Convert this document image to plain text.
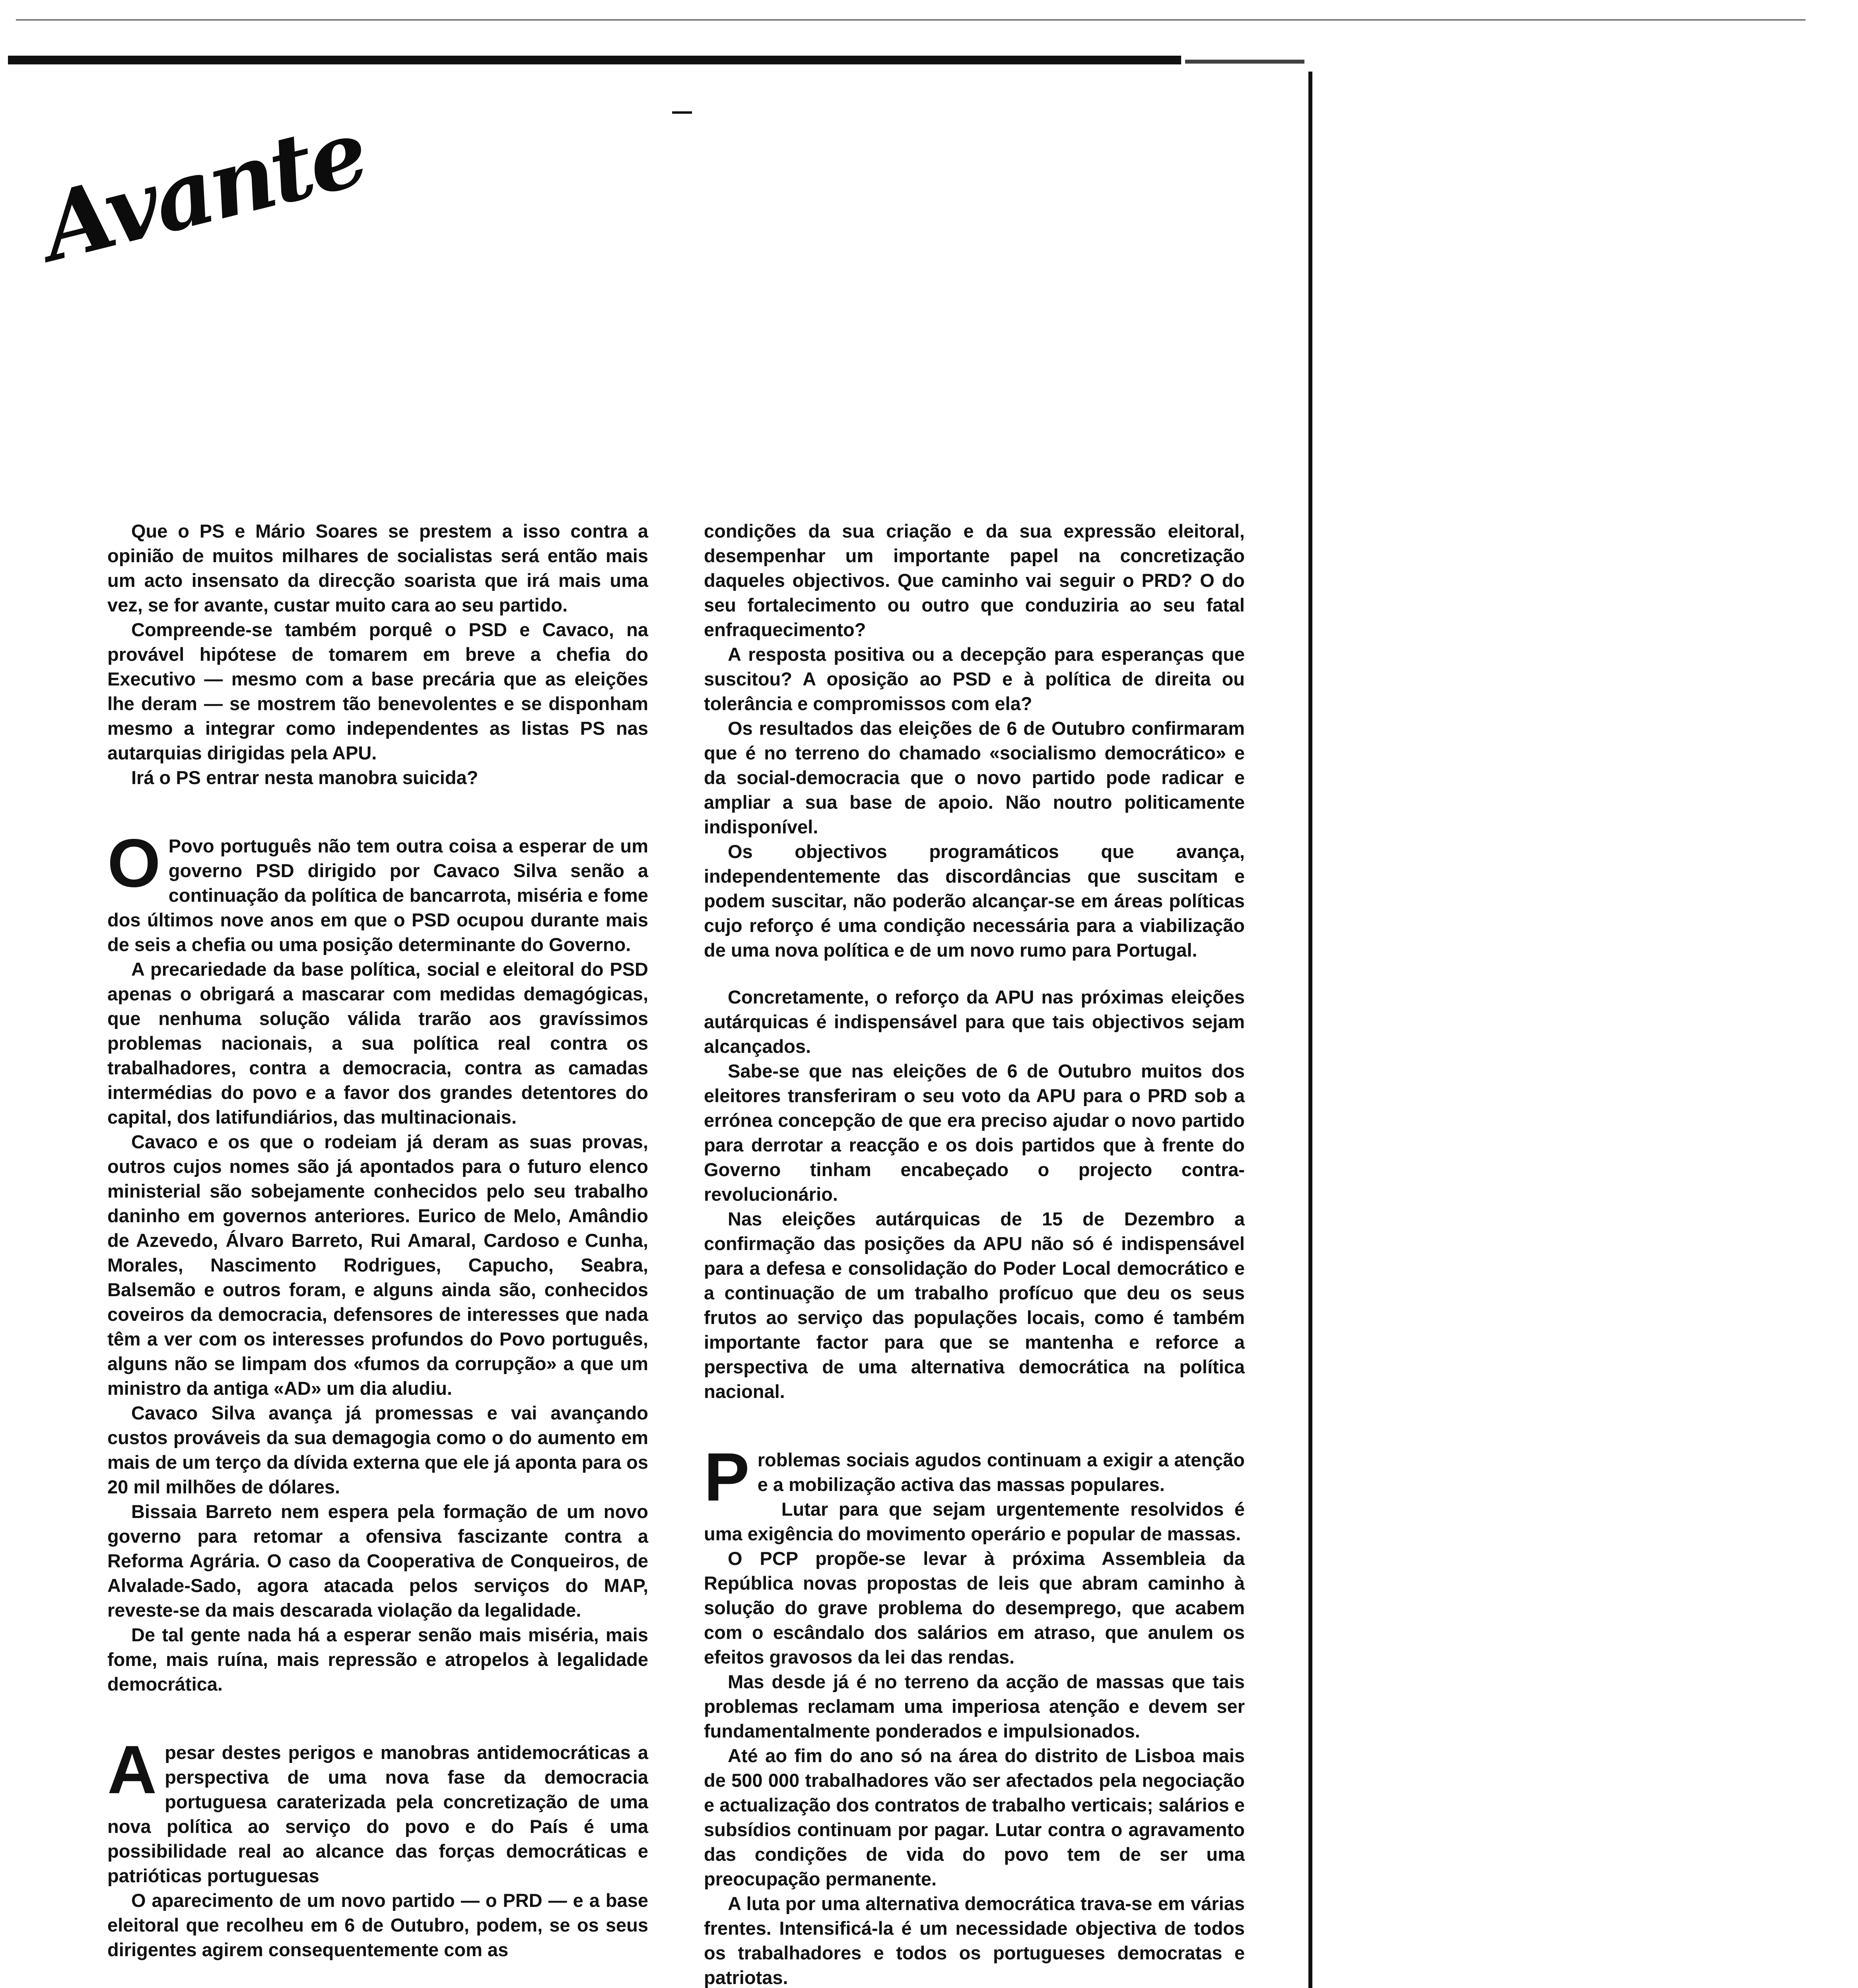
Avante

Que o PS e Mário Soares se prestem a isso contra a opinião de muitos milhares de socialistas será então mais um acto insensato da direcção soarista que irá mais uma vez, se for avante, custar muito cara ao seu partido.

Compreende-se também porquê o PSD e Cavaco, na provável hipótese de tomarem em breve a chefia do Executivo — mesmo com a base precária que as eleições lhe deram — se mostrem tão benevolentes e se disponham mesmo a integrar como independentes as listas PS nas autarquias dirigidas pela APU.

Irá o PS entrar nesta manobra suicida?

O Povo português não tem outra coisa a esperar de um governo PSD dirigido por Cavaco Silva senão a continuação da política de bancarrota, miséria e fome dos últimos nove anos em que o PSD ocupou durante mais de seis a chefia ou uma posição determinante do Governo.

A precariedade da base política, social e eleitoral do PSD apenas o obrigará a mascarar com medidas demagógicas, que nenhuma solução válida trarão aos gravíssimos problemas nacionais, a sua política real contra os trabalhadores, contra a democracia, contra as camadas intermédias do povo e a favor dos grandes detentores do capital, dos latifundiários, das multinacionais.

Cavaco e os que o rodeiam já deram as suas provas, outros cujos nomes são já apontados para o futuro elenco ministerial são sobejamente conhecidos pelo seu trabalho daninho em governos anteriores. Eurico de Melo, Amândio de Azevedo, Álvaro Barreto, Rui Amaral, Cardoso e Cunha, Morales, Nascimento Rodrigues, Capucho, Seabra, Balsemão e outros foram, e alguns ainda são, conhecidos coveiros da democracia, defensores de interesses que nada têm a ver com os interesses profundos do Povo português, alguns não se limpam dos «fumos da corrupção» a que um ministro da antiga «AD» um dia aludiu.

Cavaco Silva avança já promessas e vai avançando custos prováveis da sua demagogia como o do aumento em mais de um terço da dívida externa que ele já aponta para os 20 mil milhões de dólares.

Bissaia Barreto nem espera pela formação de um novo governo para retomar a ofensiva fascizante contra a Reforma Agrária. O caso da Cooperativa de Conqueiros, de Alvalade-Sado, agora atacada pelos serviços do MAP, reveste-se da mais descarada violação da legalidade.

De tal gente nada há a esperar senão mais miséria, mais fome, mais ruína, mais repressão e atropelos à legalidade democrática.

Apesar destes perigos e manobras antidemocráticas a perspectiva de uma nova fase da democracia portuguesa caraterizada pela concretização de uma nova política ao serviço do povo e do País é uma possibilidade real ao alcance das forças democráticas e patrióticas portuguesas

O aparecimento de um novo partido — o PRD — e a base eleitoral que recolheu em 6 de Outubro, podem, se os seus dirigentes agirem consequentemente com as

condições da sua criação e da sua expressão eleitoral, desempenhar um importante papel na concretização daqueles objectivos. Que caminho vai seguir o PRD? O do seu fortalecimento ou outro que conduziria ao seu fatal enfraquecimento?

A resposta positiva ou a decepção para esperanças que suscitou? A oposição ao PSD e à política de direita ou tolerância e compromissos com ela?

Os resultados das eleições de 6 de Outubro confirmaram que é no terreno do chamado «socialismo democrático» e da social-democracia que o novo partido pode radicar e ampliar a sua base de apoio. Não noutro politicamente indisponível.

Os objectivos programáticos que avança, independentemente das discordâncias que suscitam e podem suscitar, não poderão alcançar-se em áreas políticas cujo reforço é uma condição necessária para a viabilização de uma nova política e de um novo rumo para Portugal.

Concretamente, o reforço da APU nas próximas eleições autárquicas é indispensável para que tais objectivos sejam alcançados.

Sabe-se que nas eleições de 6 de Outubro muitos dos eleitores transferiram o seu voto da APU para o PRD sob a errónea concepção de que era preciso ajudar o novo partido para derrotar a reacção e os dois partidos que à frente do Governo tinham encabeçado o projecto contra-revolucionário.

Nas eleições autárquicas de 15 de Dezembro a confirmação das posições da APU não só é indispensável para a defesa e consolidação do Poder Local democrático e a continuação de um trabalho profícuo que deu os seus frutos ao serviço das populações locais, como é também importante factor para que se mantenha e reforce a perspectiva de uma alternativa democrática na política nacional.

Problemas sociais agudos continuam a exigir a atenção e a mobilização activa das massas populares.

Lutar para que sejam urgentemente resolvidos é uma exigência do movimento operário e popular de massas.

O PCP propõe-se levar à próxima Assembleia da República novas propostas de leis que abram caminho à solução do grave problema do desemprego, que acabem com o escândalo dos salários em atraso, que anulem os efeitos gravosos da lei das rendas.

Mas desde já é no terreno da acção de massas que tais problemas reclamam uma imperiosa atenção e devem ser fundamentalmente ponderados e impulsionados.

Até ao fim do ano só na área do distrito de Lisboa mais de 500 000 trabalhadores vão ser afectados pela negociação e actualização dos contratos de trabalho verticais; salários e subsídios continuam por pagar. Lutar contra o agravamento das condições de vida do povo tem de ser uma preocupação permanente.

A luta por uma alternativa democrática trava-se em várias frentes. Intensificá-la é um necessidade objectiva de todos os trabalhadores e todos os portugueses democratas e patriotas.
